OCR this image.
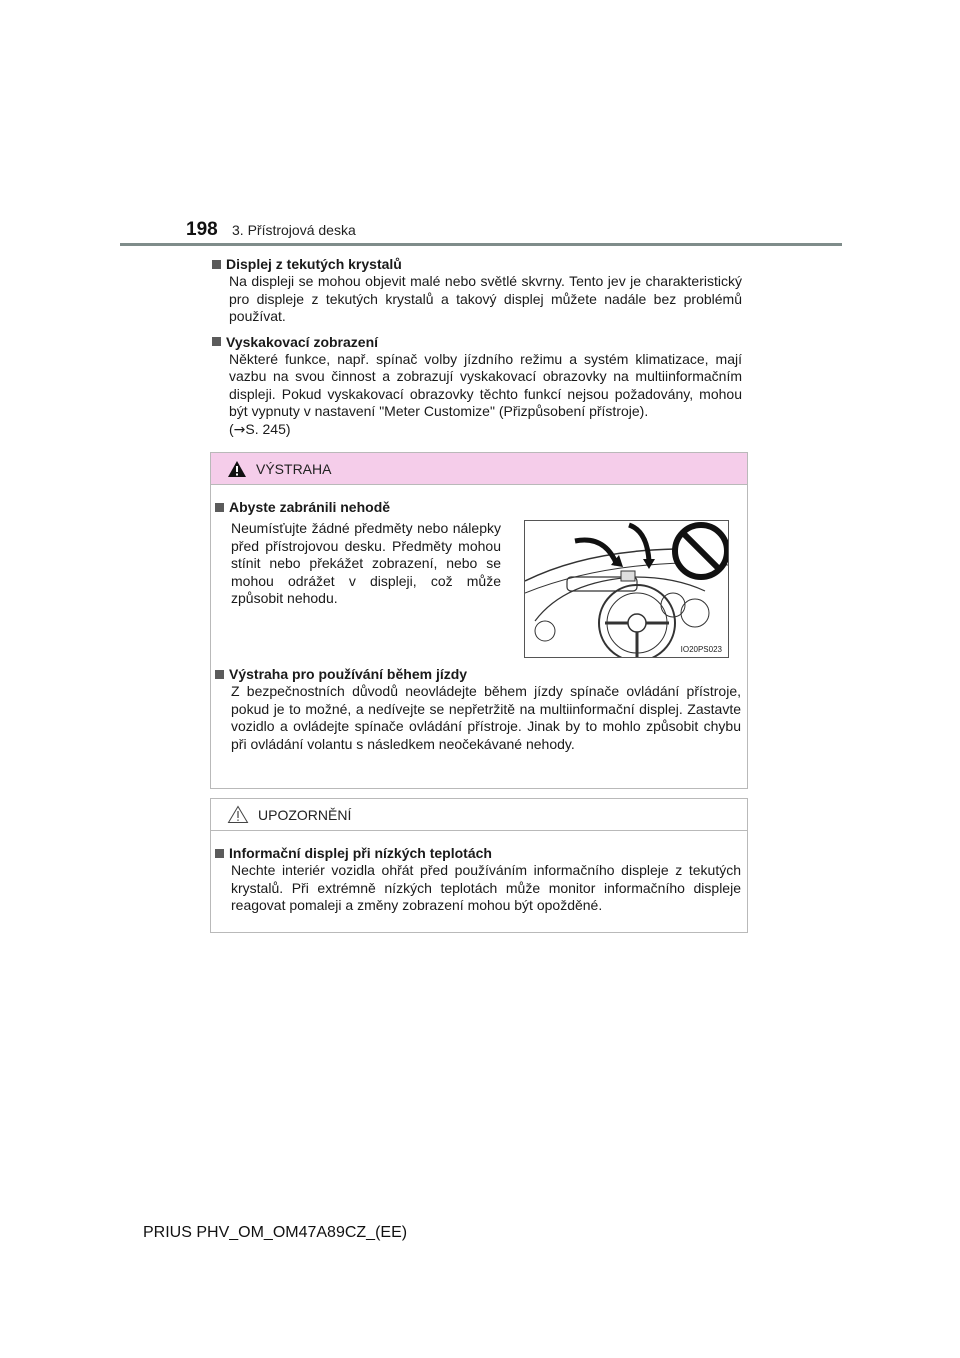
198 3. Přístrojová deska
Displej z tekutých krystalů
Na displeji se mohou objevit malé nebo světlé skvrny. Tento jev je charakteristický pro displeje z tekutých krystalů a takový displej můžete nadále bez problémů používat.
Vyskakovací zobrazení
Některé funkce, např. spínač volby jízdního režimu a systém klimatizace, mají vazbu na svou činnost a zobrazují vyskakovací obrazovky na multiinformačním displeji. Pokud vyskakovací obrazovky těchto funkcí nejsou požadovány, mohou být vypnuty v nastavení "Meter Customize" (Přizpůsobení přístroje).
(→S. 245)
VÝSTRAHA
Abyste zabránili nehodě
Neumísťujte žádné předměty nebo nálepky před přístrojovou desku. Předměty mohou stínit nebo překážet zobrazení, nebo se mohou odrážet v displeji, což může způsobit nehodu.
IO20PS023
Výstraha pro používání během jízdy
Z bezpečnostních důvodů neovládejte během jízdy spínače ovládání přístroje, pokud je to možné, a nedívejte se nepřetržitě na multiinformační displej. Zastavte vozidlo a ovládejte spínače ovládání přístroje. Jinak by to mohlo způsobit chybu při ovládání volantu s následkem neočekávané nehody.
UPOZORNĚNÍ
Informační displej při nízkých teplotách
Nechte interiér vozidla ohřát před používáním informačního displeje z tekutých krystalů. Při extrémně nízkých teplotách může monitor informačního displeje reagovat pomaleji a změny zobrazení mohou být opožděné.
PRIUS PHV_OM_OM47A89CZ_(EE)
